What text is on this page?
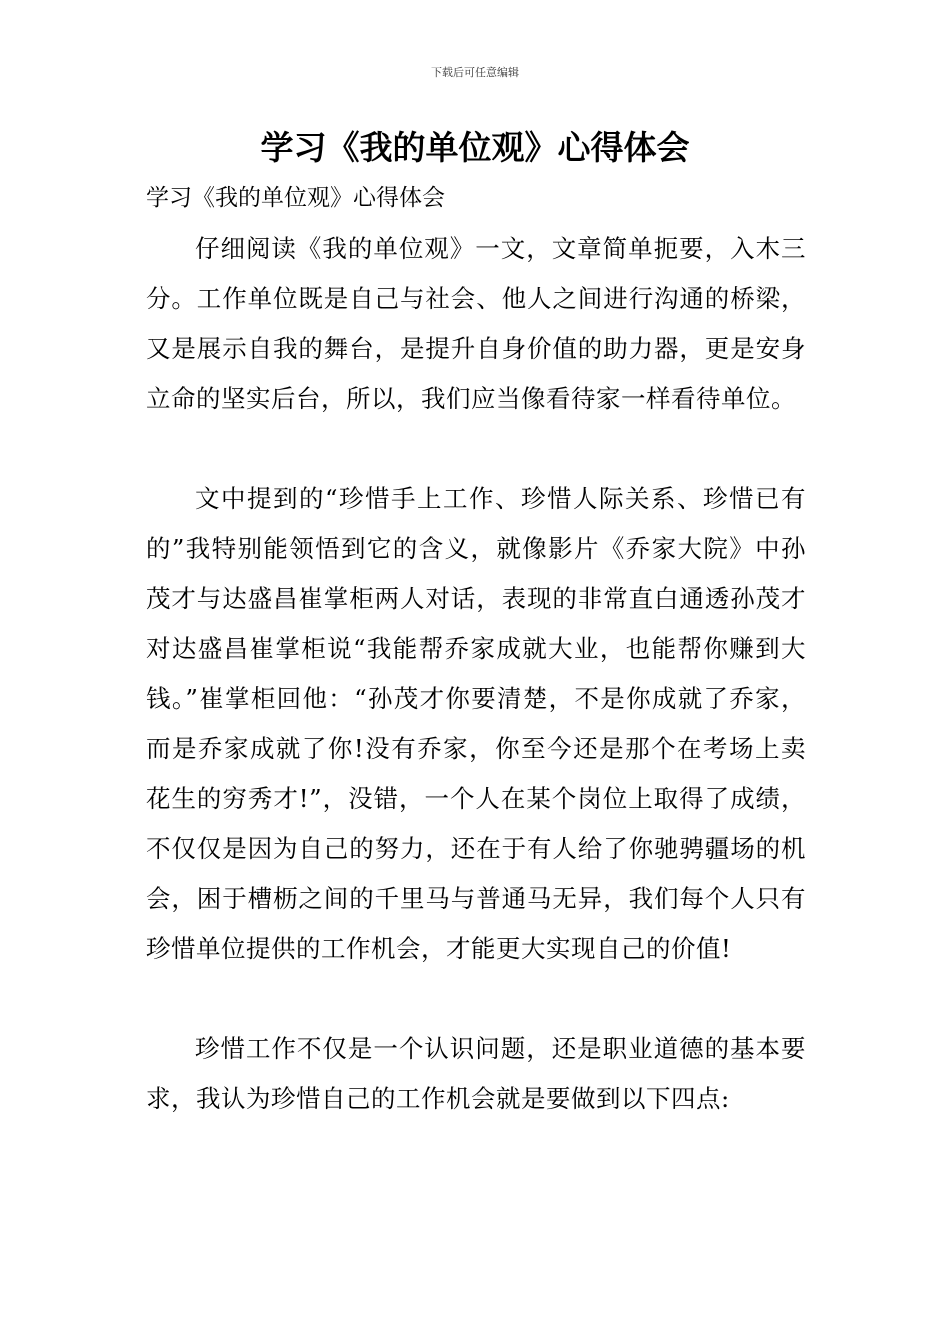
下载后可任意编辑
学习《我的单位观》心得体会

学习《我的单位观》心得体会

仔细阅读《我的单位观》一文，文章简单扼要，入木三分。工作单位既是自己与社会、他人之间进行沟通的桥梁，又是展示自我的舞台，是提升自身价值的助力器，更是安身立命的坚实后台，所以，我们应当像看待家一样看待单位。

文中提到的“珍惜手上工作、珍惜人际关系、珍惜已有的”我特别能领悟到它的含义，就像影片《乔家大院》中孙茂才与达盛昌崔掌柜两人对话，表现的非常直白通透孙茂才对达盛昌崔掌柜说“我能帮乔家成就大业，也能帮你赚到大钱。”崔掌柜回他：“孙茂才你要清楚，不是你成就了乔家，而是乔家成就了你!没有乔家，你至今还是那个在考场上卖花生的穷秀才!”，没错，一个人在某个岗位上取得了成绩，不仅仅是因为自己的努力，还在于有人给了你驰骋疆场的机会，困于槽枥之间的千里马与普通马无异，我们每个人只有珍惜单位提供的工作机会，才能更大实现自己的价值!

珍惜工作不仅是一个认识问题，还是职业道德的基本要求，我认为珍惜自己的工作机会就是要做到以下四点:
